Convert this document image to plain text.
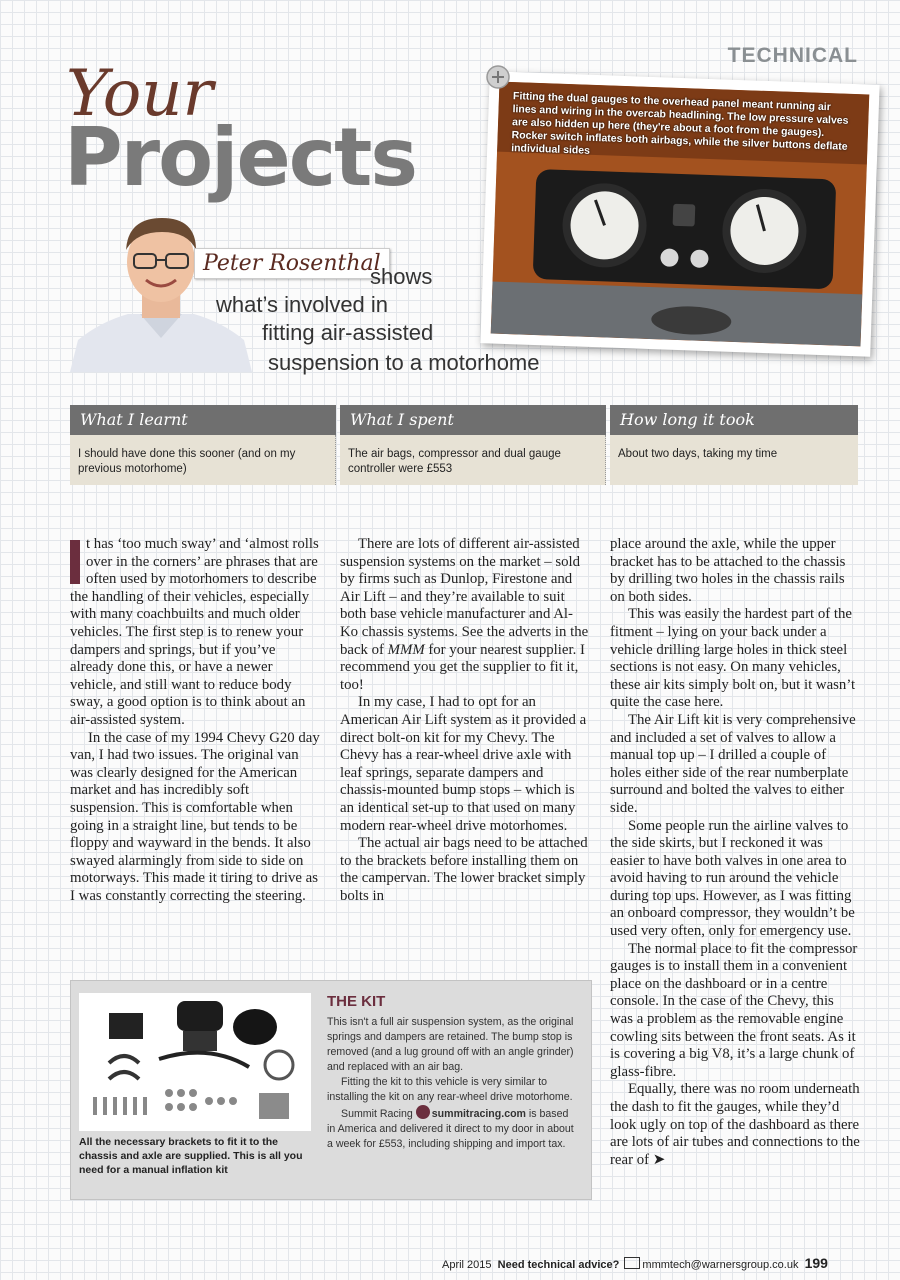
TECHNICAL
Your
Projects
Peter Rosenthal
shows
what’s involved in
fitting air-assisted
suspension to a motorhome
Fitting the dual gauges to the overhead panel meant running air lines and wiring in the overcab headlining. The low pressure valves are also hidden up here (they're about a foot from the gauges). Rocker switch inflates both airbags, while the silver buttons deflate individual sides
What I learnt
I should have done this sooner (and on my previous motorhome)
What I spent
The air bags, compressor and dual gauge controller were £553
How long it took
About two days, taking my time

t has ‘too much sway’ and ‘almost rolls over in the corners’ are phrases that are often used by motorhomers to describe the handling of their vehicles, especially with many coachbuilts and much older vehicles. The first step is to renew your dampers and springs, but if you’ve already done this, or have a newer vehicle, and still want to reduce body sway, a good option is to think about an air-assisted system.

In the case of my 1994 Chevy G20 day van, I had two issues. The original van was clearly designed for the American market and has incredibly soft suspension. This is comfortable when going in a straight line, but tends to be floppy and wayward in the bends. It also swayed alarmingly from side to side on motorways. This made it tiring to drive as I was constantly correcting the steering.

There are lots of different air-assisted suspension systems on the market – sold by firms such as Dunlop, Firestone and Air Lift – and they’re available to suit both base vehicle manufacturer and Al-Ko chassis systems. See the adverts in the back of MMM for your nearest supplier. I recommend you get the supplier to fit it, too!

In my case, I had to opt for an American Air Lift system as it provided a direct bolt-on kit for my Chevy. The Chevy has a rear-wheel drive axle with leaf springs, separate dampers and chassis-mounted bump stops – which is an identical set-up to that used on many modern rear-wheel drive motorhomes.

The actual air bags need to be attached to the brackets before installing them on the campervan. The lower bracket simply bolts in

place around the axle, while the upper bracket has to be attached to the chassis by drilling two holes in the chassis rails on both sides.

This was easily the hardest part of the fitment – lying on your back under a vehicle drilling large holes in thick steel sections is not easy. On many vehicles, these air kits simply bolt on, but it wasn’t quite the case here.

The Air Lift kit is very comprehensive and included a set of valves to allow a manual top up – I drilled a couple of holes either side of the rear numberplate surround and bolted the valves to either side.

Some people run the airline valves to the side skirts, but I reckoned it was easier to have both valves in one area to avoid having to run around the vehicle during top ups. However, as I was fitting an onboard compressor, they wouldn’t be used very often, only for emergency use.

The normal place to fit the compressor gauges is to install them in a convenient place on the dashboard or in a centre console. In the case of the Chevy, this was a problem as the removable engine cowling sits between the front seats. As it is covering a big V8, it’s a large chunk of glass-fibre.

Equally, there was no room underneath the dash to fit the gauges, while they’d look ugly on top of the dashboard as there are lots of air tubes and connections to the rear of ➤

All the necessary brackets to fit it to the chassis and axle are supplied. This is all you need for a manual inflation kit
THE KIT

This isn't a full air suspension system, as the original springs and dampers are retained. The bump stop is removed (and a lug ground off with an angle grinder) and replaced with an air bag.

Fitting the kit to this vehicle is very similar to installing the kit on any rear-wheel drive motorhome.

Summit Racing summitracing.com is based in America and delivered it direct to my door in about a week for £553, including shipping and import tax.

April 2015 Need technical advice? mmmtech@warnersgroup.co.uk 199
